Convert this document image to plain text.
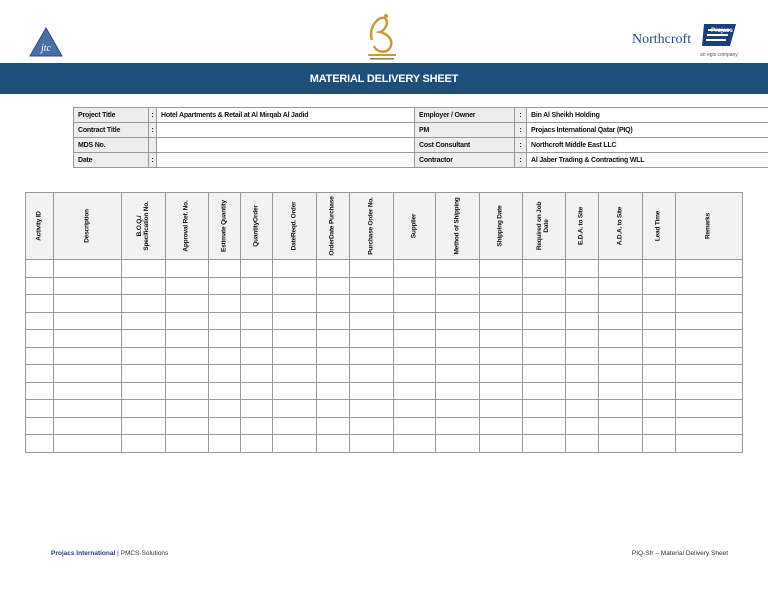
jtc
Northcroft
Projacs
an egis company
MATERIAL DELIVERY SHEET
Project Title	:	Hotel Apartments & Retail at Al Mirqab Al Jadid	Employer / Owner	:	Bin Al Sheikh Holding
Contract Title	:		PM	:	Projacs International Qatar (PIQ)
MDS No.			Cost Consultant	:	Northcroft Middle East LLC
Date	:		Contractor	:	Al Jaber Trading & Contracting WLL
Activity ID	Description	B.O.Q./ Specification No.	Approval Ref. No.	Estimate Quantity	QuantityOrder	DateReqd. Order	OrderDate Purchase	Purchase Order No.	Supplier	Method of Shipping	Shipping Date	Required on Job Date	E.D.A. to Site	A.D.A. to Site	Lead Time	Remarks

Projacs International | PMCS-Solutions	PIQ-Sfr – Material Delivery Sheet
